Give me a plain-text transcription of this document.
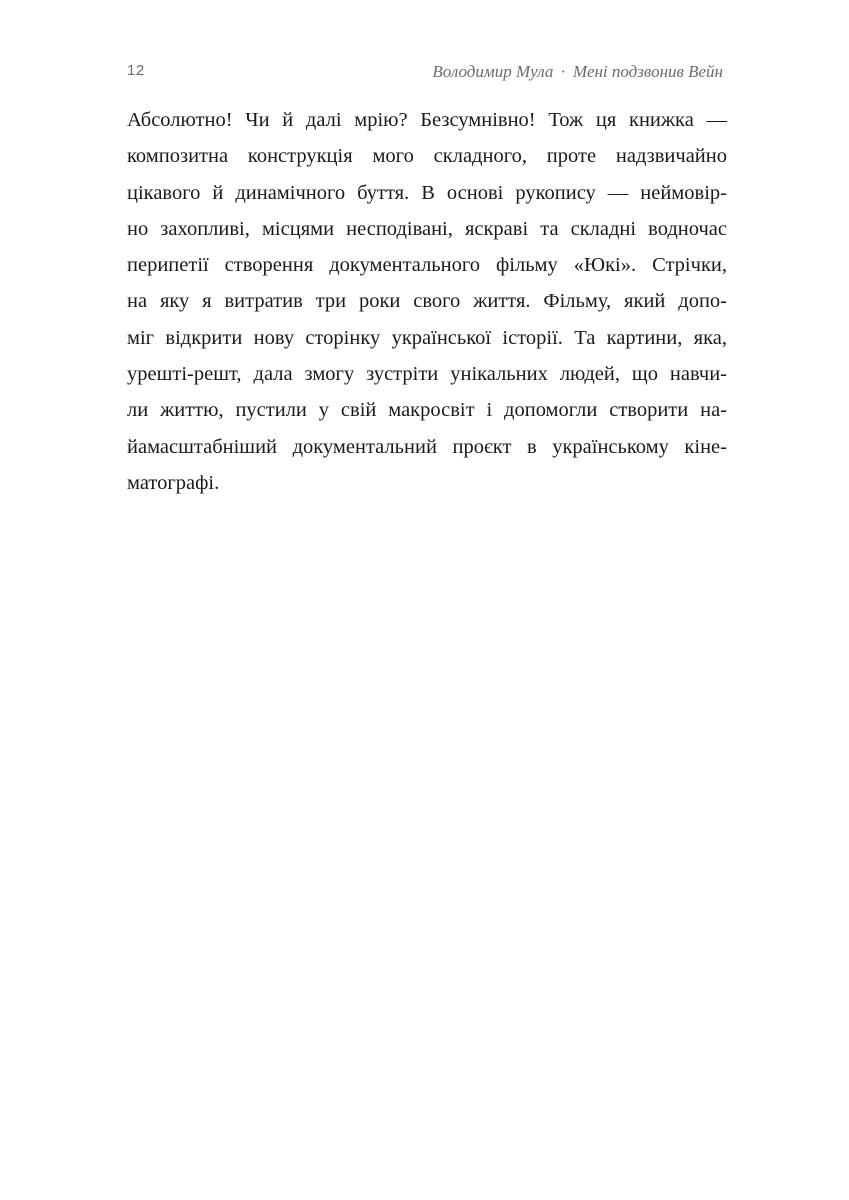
12	Володимир Мула · Мені подзвонив Вейн
Абсолютно! Чи й далі мрію? Безсумнівно! Тож ця книжка —
композитна конструкція мого складного, проте надзвичайно
цікавого й динамічного буття. В основі рукопису — неймовір-
но захопливі, місцями несподівані, яскраві та складні водночас
перипетії створення документального фільму «Юкі». Стрічки,
на яку я витратив три роки свого життя. Фільму, який допо-
міг відкрити нову сторінку української історії. Та картини, яка,
урешті-решт, дала змогу зустріти унікальних людей, що навчи-
ли життю, пустили у свій макросвіт і допомогли створити на-
йамасштабніший документальний проєкт в українському кіне-
матографі.
